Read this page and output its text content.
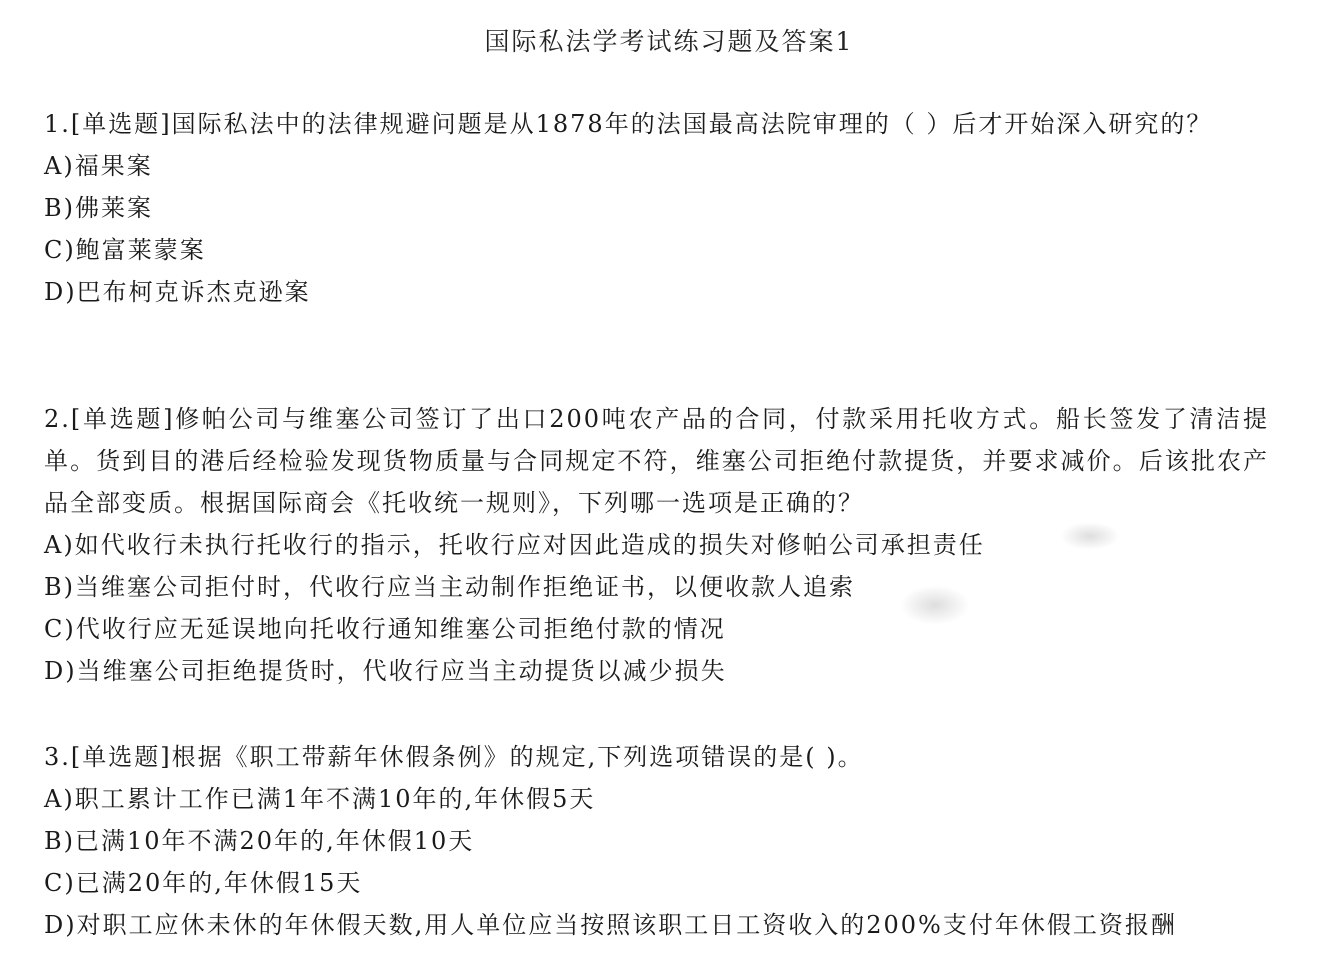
国际私法学考试练习题及答案1

1.[单选题]国际私法中的法律规避问题是从1878年的法国最高法院审理的（ ）后才开始深入研究的？

A)福果案
B)佛莱案
C)鲍富莱蒙案
D)巴布柯克诉杰克逊案

2.[单选题]修帕公司与维塞公司签订了出口200吨农产品的合同，付款采用托收方式。船长签发了清洁提单。货到目的港后经检验发现货物质量与合同规定不符，维塞公司拒绝付款提货，并要求减价。后该批农产品全部变质。根据国际商会《托收统一规则》，下列哪一选项是正确的？

A)如代收行未执行托收行的指示，托收行应对因此造成的损失对修帕公司承担责任
B)当维塞公司拒付时，代收行应当主动制作拒绝证书，以便收款人追索
C)代收行应无延误地向托收行通知维塞公司拒绝付款的情况
D)当维塞公司拒绝提货时，代收行应当主动提货以减少损失

3.[单选题]根据《职工带薪年休假条例》的规定,下列选项错误的是( )。

A)职工累计工作已满1年不满10年的,年休假5天
B)已满10年不满20年的,年休假10天
C)已满20年的,年休假15天
D)对职工应休未休的年休假天数,用人单位应当按照该职工日工资收入的200%支付年休假工资报酬
